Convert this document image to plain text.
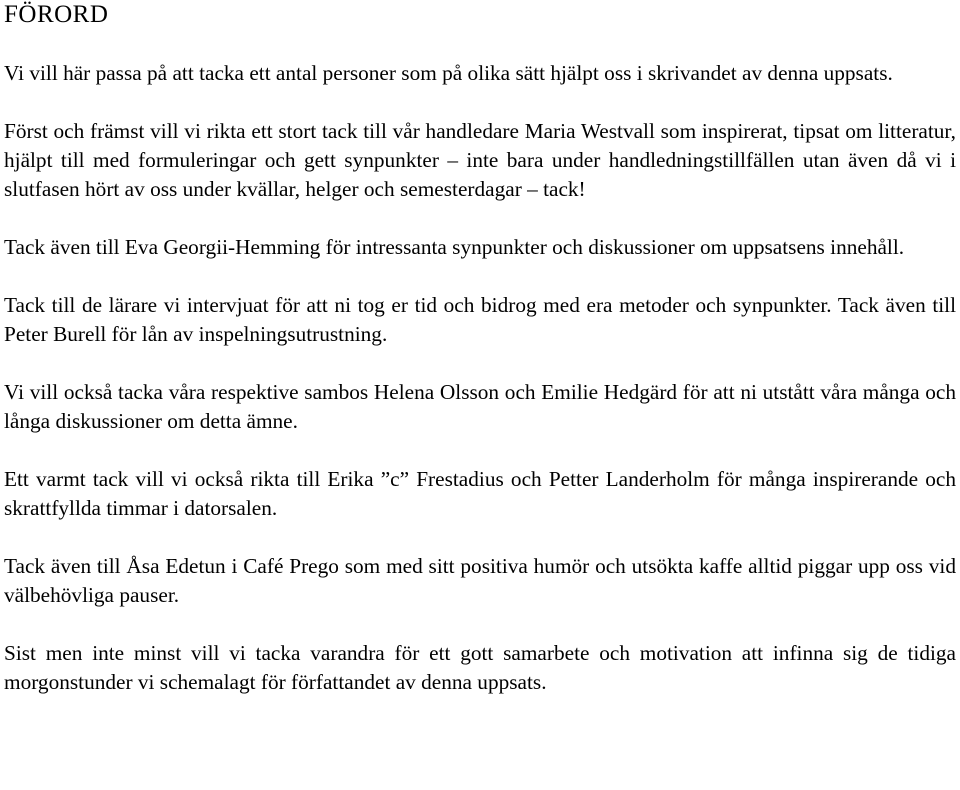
FÖRORD

Vi vill här passa på att tacka ett antal personer som på olika sätt hjälpt oss i skrivandet av denna uppsats.

Först och främst vill vi rikta ett stort tack till vår handledare Maria Westvall som inspirerat, tipsat om litteratur, hjälpt till med formuleringar och gett synpunkter – inte bara under handledningstillfällen utan även då vi i slutfasen hört av oss under kvällar, helger och semesterdagar – tack!

Tack även till Eva Georgii-Hemming för intressanta synpunkter och diskussioner om uppsatsens innehåll.

Tack till de lärare vi intervjuat för att ni tog er tid och bidrog med era metoder och synpunkter. Tack även till Peter Burell för lån av inspelningsutrustning.

Vi vill också tacka våra respektive sambos Helena Olsson och Emilie Hedgärd för att ni utstått våra många och långa diskussioner om detta ämne.

Ett varmt tack vill vi också rikta till Erika ”c” Frestadius och Petter Landerholm för många inspirerande och skrattfyllda timmar i datorsalen.

Tack även till Åsa Edetun i Café Prego som med sitt positiva humör och utsökta kaffe alltid piggar upp oss vid välbehövliga pauser.

Sist men inte minst vill vi tacka varandra för ett gott samarbete och motivation att infinna sig de tidiga morgonstunder vi schemalagt för författandet av denna uppsats.
